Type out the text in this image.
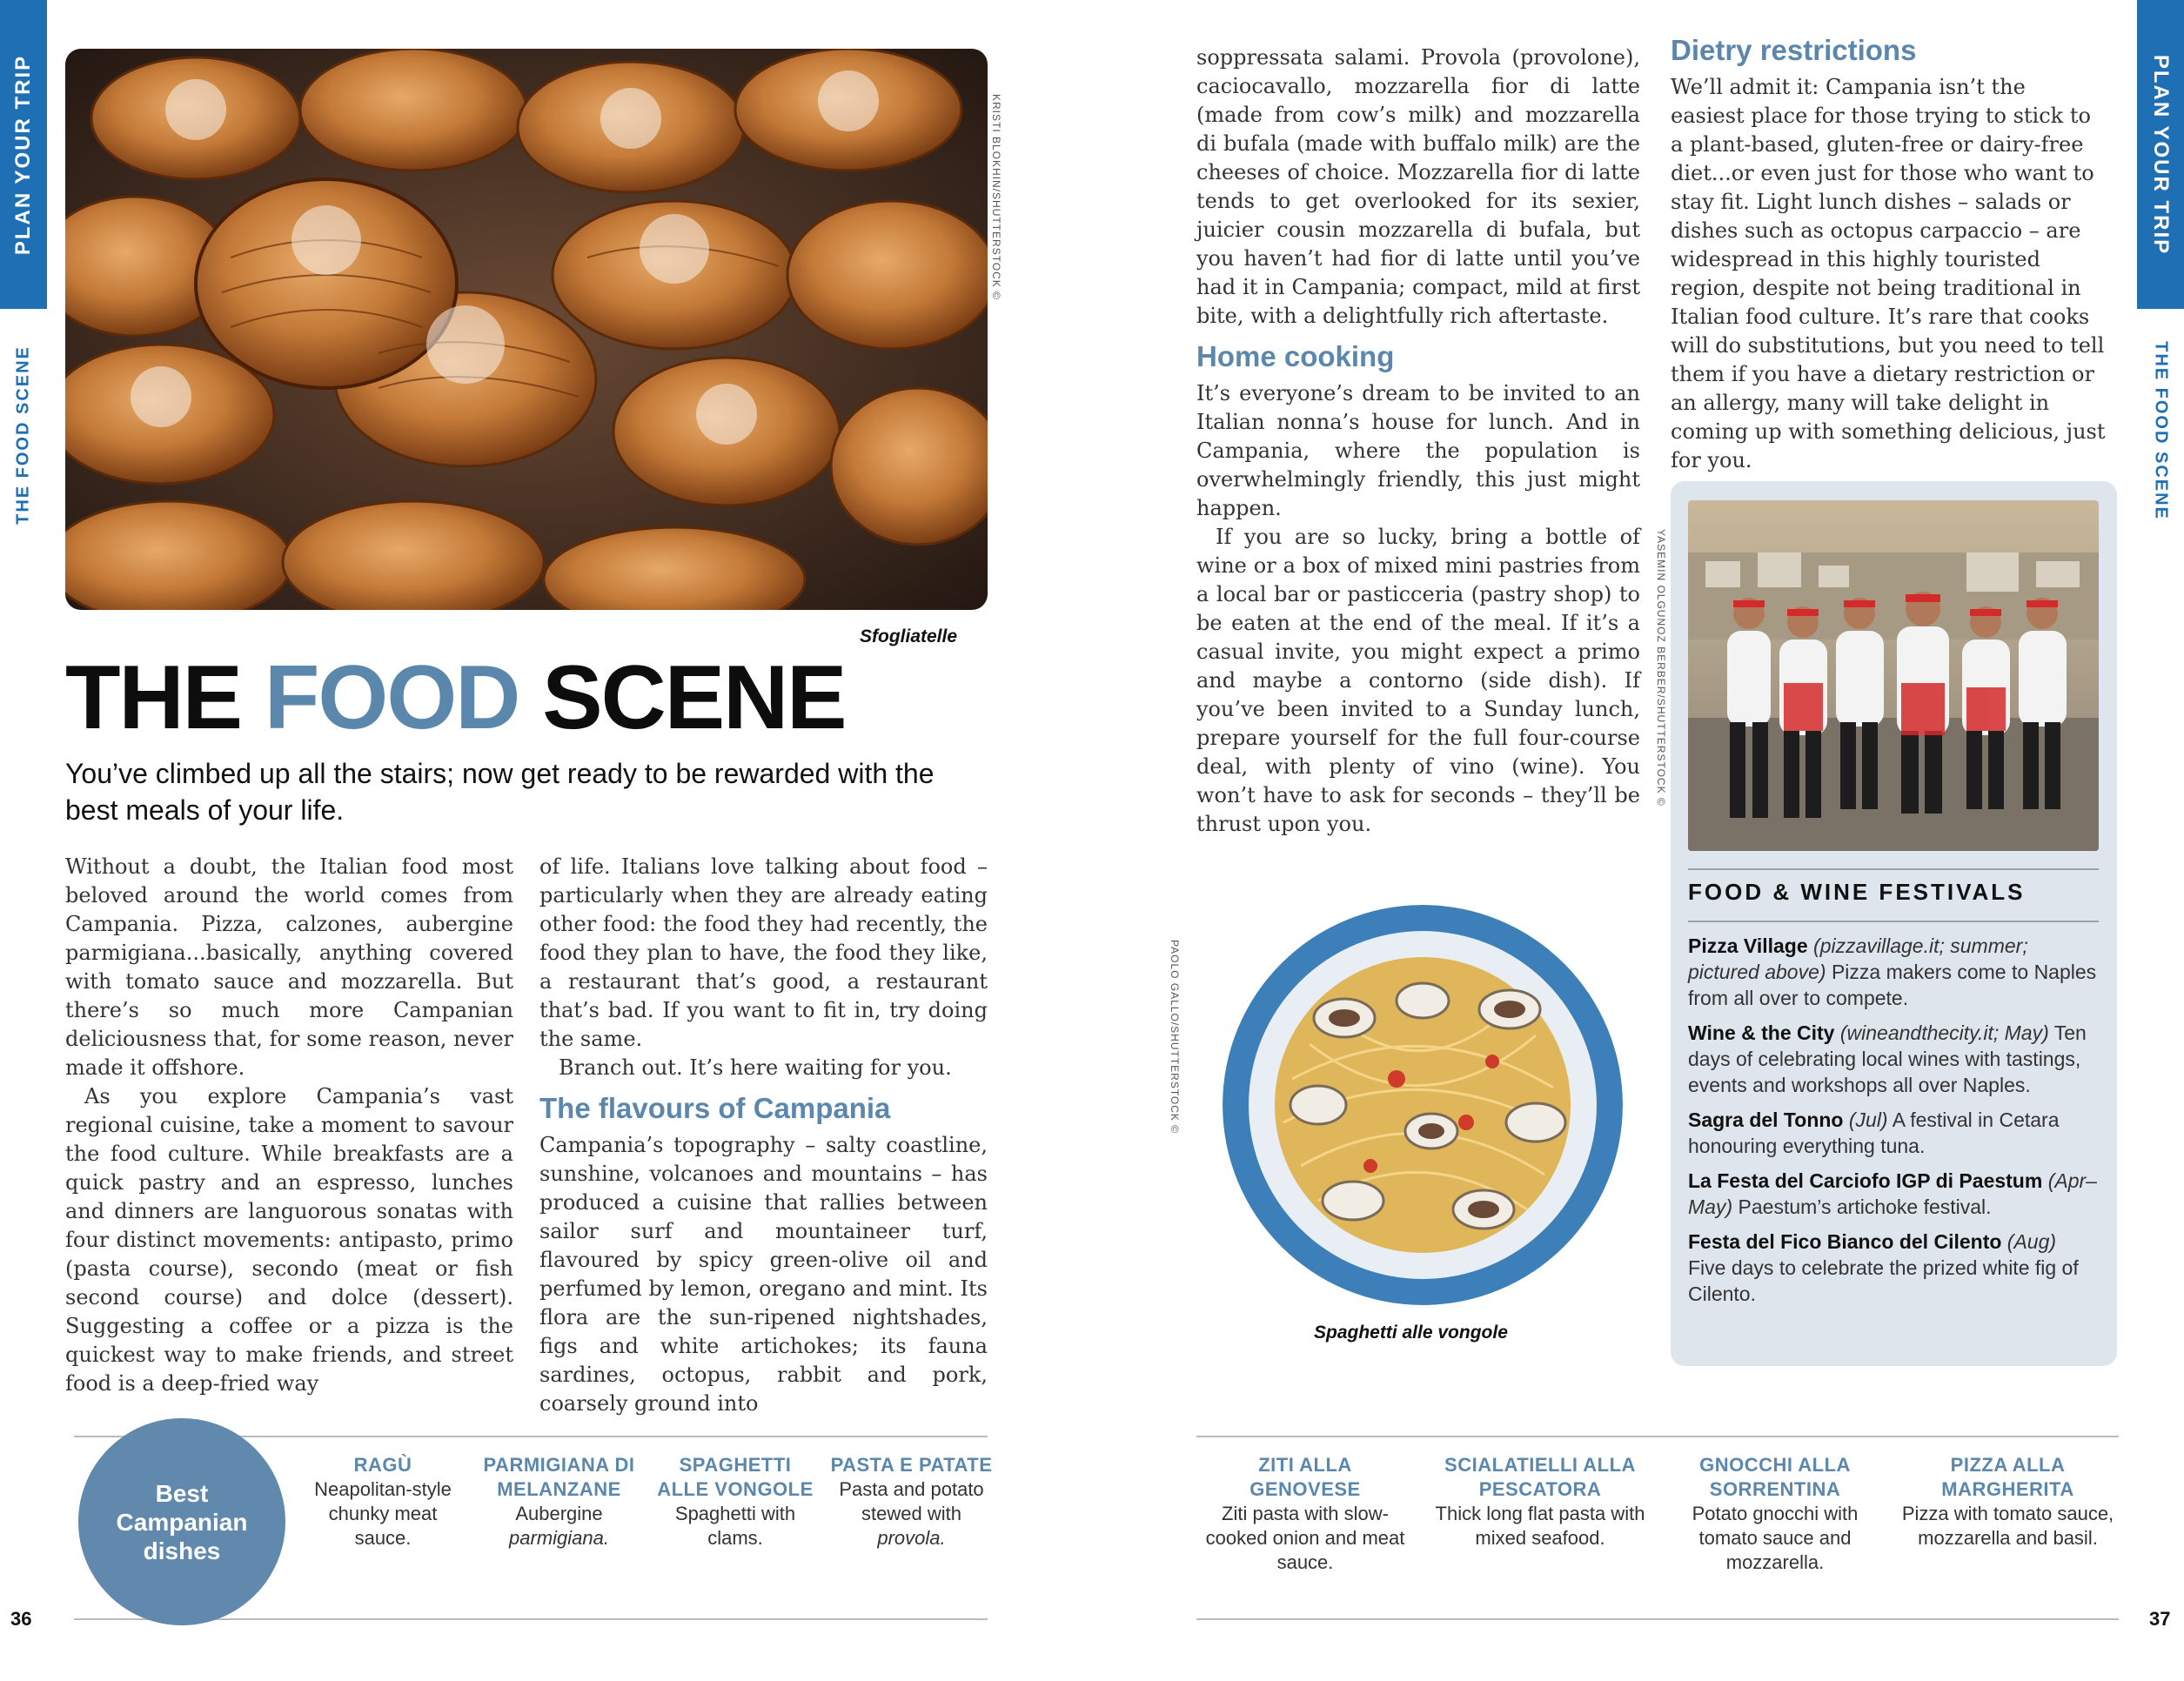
PLAN YOUR TRIP
THE FOOD SCENE
KRISTI BLOKHIN/SHUTTERSTOCK ©
Sfogliatelle
THE FOOD SCENE
You’ve climbed up all the stairs; now get ready to be rewarded with the best meals of your life.

Without a doubt, the Italian food most beloved around the world comes from Campania. Pizza, calzones, aubergine parmigiana...basically, anything covered with tomato sauce and mozzarella. But there’s so much more Campanian deliciousness that, for some reason, never made it offshore.

As you explore Campania’s vast regional cuisine, take a moment to savour the food culture. While breakfasts are a quick pastry and an espresso, lunches and dinners are languorous sonatas with four distinct movements: antipasto, primo (pasta course), secondo (meat or fish second course) and dolce (dessert). Suggesting a coffee or a pizza is the quickest way to make friends, and street food is a deep-fried way

of life. Italians love talking about food – particularly when they are already eating other food: the food they had recently, the food they plan to have, the food they like, a restaurant that’s good, a restaurant that’s bad. If you want to fit in, try doing the same.

Branch out. It’s here waiting for you.

The flavours of Campania

Campania’s topography – salty coastline, sunshine, volcanoes and mountains – has produced a cuisine that rallies between sailor surf and mountaineer turf, flavoured by spicy green-olive oil and perfumed by lemon, oregano and mint. Its flora are the sun-ripened nightshades, figs and white artichokes; its fauna sardines, octopus, rabbit and pork, coarsely ground into

PLAN YOUR TRIP
THE FOOD SCENE

soppressata salami. Provola (provolone), caciocavallo, mozzarella fior di latte (made from cow’s milk) and mozzarella di bufala (made with buffalo milk) are the cheeses of choice. Mozzarella fior di latte tends to get overlooked for its sexier, juicier cousin mozzarella di bufala, but you haven’t had fior di latte until you’ve had it in Campania; compact, mild at first bite, with a delightfully rich aftertaste.

Home cooking

It’s everyone’s dream to be invited to an Italian nonna’s house for lunch. And in Campania, where the population is overwhelmingly friendly, this just might happen.

If you are so lucky, bring a bottle of wine or a box of mixed mini pastries from a local bar or pasticceria (pastry shop) to be eaten at the end of the meal. If it’s a casual invite, you might expect a primo and maybe a contorno (side dish). If you’ve been invited to a Sunday lunch, prepare yourself for the full four-course deal, with plenty of vino (wine). You won’t have to ask for seconds – they’ll be thrust upon you.

Dietry restrictions

We’ll admit it: Campania isn’t the easiest place for those trying to stick to a plant-based, gluten-free or dairy-free diet...or even just for those who want to stay fit. Light lunch dishes – salads or dishes such as octopus carpaccio – are widespread in this highly touristed region, despite not being traditional in Italian food culture. It’s rare that cooks will do substitutions, but you need to tell them if you have a dietary restriction or an allergy, many will take delight in coming up with something delicious, just for you.

PAOLO GALLO/SHUTTERSTOCK ©
Spaghetti alle vongole
YASEMIN OLGUNOZ BERBER/SHUTTERSTOCK ©
FOOD & WINE FESTIVALS
Pizza Village (pizzavillage.it; summer; pictured above) Pizza makers come to Naples from all over to compete.
Wine & the City (wineandthecity.it; May) Ten days of celebrating local wines with tastings, events and workshops all over Naples.
Sagra del Tonno (Jul) A festival in Cetara honouring everything tuna.
La Festa del Carciofo IGP di Paestum (Apr–May) Paestum’s artichoke festival.
Festa del Fico Bianco del Cilento (Aug) Five days to celebrate the prized white fig of Cilento.
Best Campanian dishes
RAGÙ
Neapolitan-style chunky meat sauce.
PARMIGIANA DI MELANZANE
Aubergine
parmigiana.
SPAGHETTI ALLE VONGOLE
Spaghetti with clams.
PASTA E PATATE
Pasta and potato stewed with
provola.
ZITI ALLA GENOVESE
Ziti pasta with slow-cooked onion and meat sauce.
SCIALATIELLI ALLA PESCATORA
Thick long flat pasta with mixed seafood.
GNOCCHI ALLA SORRENTINA
Potato gnocchi with tomato sauce and mozzarella.
PIZZA ALLA MARGHERITA
Pizza with tomato sauce, mozzarella and basil.
36	37
